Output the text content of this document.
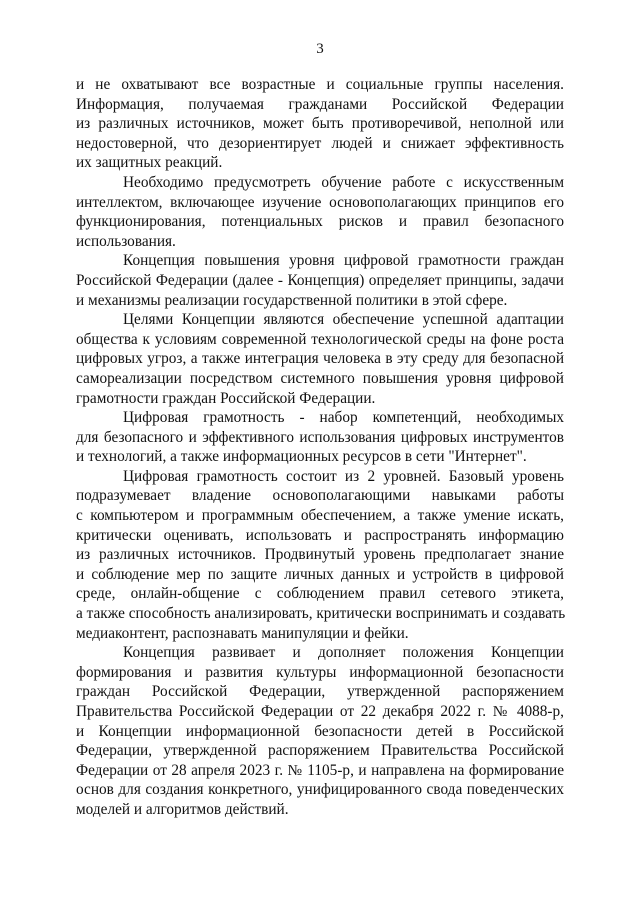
3
и не охватывают все возрастные и социальные группы населения.
Информация, получаемая гражданами Российской Федерации
из различных источников, может быть противоречивой, неполной или
недостоверной, что дезориентирует людей и снижает эффективность
их защитных реакций.
Необходимо предусмотреть обучение работе с искусственным
интеллектом, включающее изучение основополагающих принципов его
функционирования, потенциальных рисков и правил безопасного
использования.
Концепция повышения уровня цифровой грамотности граждан
Российской Федерации (далее - Концепция) определяет принципы, задачи
и механизмы реализации государственной политики в этой сфере.
Целями Концепции являются обеспечение успешной адаптации
общества к условиям современной технологической среды на фоне роста
цифровых угроз, а также интеграция человека в эту среду для безопасной
самореализации посредством системного повышения уровня цифровой
грамотности граждан Российской Федерации.
Цифровая грамотность - набор компетенций, необходимых
для безопасного и эффективного использования цифровых инструментов
и технологий, а также информационных ресурсов в сети "Интернет".
Цифровая грамотность состоит из 2 уровней. Базовый уровень
подразумевает владение основополагающими навыками работы
с компьютером и программным обеспечением, а также умение искать,
критически оценивать, использовать и распространять информацию
из различных источников. Продвинутый уровень предполагает знание
и соблюдение мер по защите личных данных и устройств в цифровой
среде, онлайн-общение с соблюдением правил сетевого этикета,
а также способность анализировать, критически воспринимать и создавать
медиаконтент, распознавать манипуляции и фейки.
Концепция развивает и дополняет положения Концепции
формирования и развития культуры информационной безопасности
граждан Российской Федерации, утвержденной распоряжением
Правительства Российской Федерации от 22 декабря 2022 г. № 4088-р,
и Концепции информационной безопасности детей в Российской
Федерации, утвержденной распоряжением Правительства Российской
Федерации от 28 апреля 2023 г. № 1105-р, и направлена на формирование
основ для создания конкретного, унифицированного свода поведенческих
моделей и алгоритмов действий.
